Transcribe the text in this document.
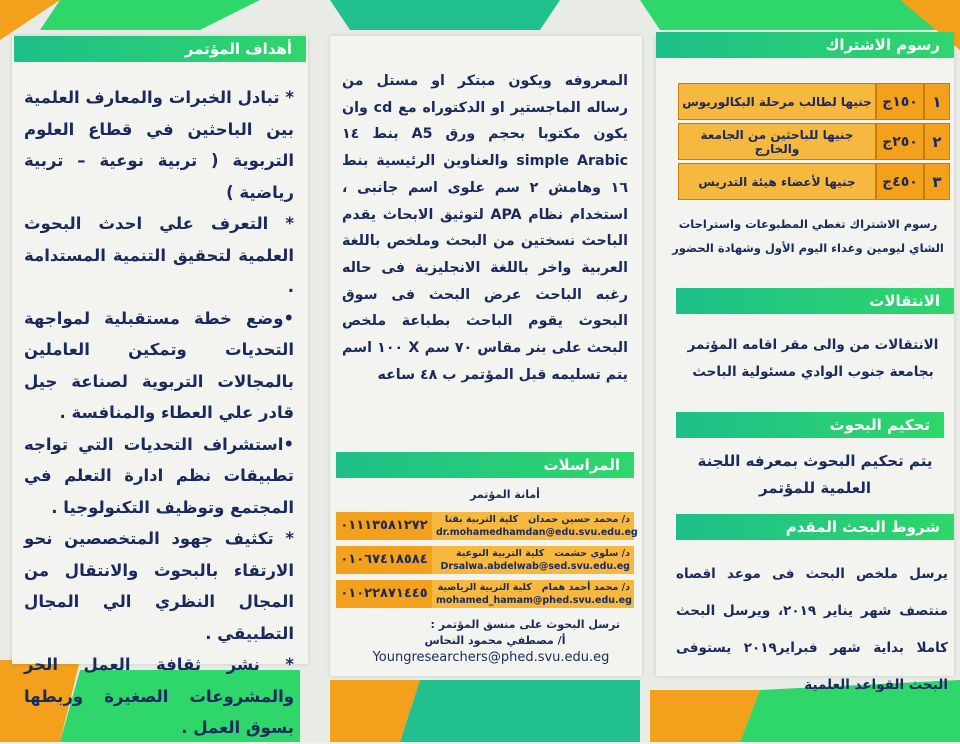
أهداف المؤتمر

* تبادل الخبرات والمعارف العلمية بين الباحثين في قطاع العلوم التربوية ( تربية نوعية – تربية رياضية )

* التعرف علي احدث البحوث العلمية لتحقيق التنمية المستدامة .

•وضع خطة مستقبلية لمواجهة التحديات وتمكين العاملين بالمجالات التربوية لصناعة جيل قادر علي العطاء والمنافسة .

•استشراف التحديات التي تواجه تطبيقات نظم ادارة التعلم في المجتمع وتوظيف التكنولوجيا .

* تكثيف جهود المتخصصين نحو الارتقاء بالبحوث والانتقال من المجال النظري الي المجال التطبيقي .

* نشر ثقافة العمل الحر والمشروعات الصغيرة وربطها بسوق العمل .

المعروفه ويكون مبتكر او مستل من رساله الماجستير او الدكتوراه مع cd وان يكون مكتوبا بحجم ورق A5 بنط ١٤ simple Arabic والعناوين الرئيسية بنط ١٦ وهامش ٢ سم علوى اسم جانبى ، استخدام نظام APA لتوثيق الابحاث يقدم الباحث نسختين من البحث وملخص باللغة العربية واخر باللغة الانجليزية فى حاله رغبه الباحث عرض البحث فى سوق البحوث يقوم الباحث بطباعة ملخص البحث على بنر مقاس ٧٠ سم X ١٠٠ اسم يتم تسليمه قبل المؤتمر ب ٤٨ ساعه
المراسلات
أمانة المؤتمر
٠١١١٣٥٨١٢٧٢	د/ محمد حسين حمدان   كلية التربية بقنا
dr.mohamedhamdan@edu.svu.edu.eg
٠١٠٦٧٤١٨٥٨٤	د/ سلوي حشمت   كلية التربية النوعية
Drsalwa.abdelwab@sed.svu.edu.eg
٠١٠٢٢٨٧١٤٤٥	د/ محمد أحمد همام   كلية التربية الرياضية
mohamed_hamam@phed.svu.edu.eg
ترسل البحوث على منسق المؤتمر :
أ/ مصطفي محمود النحاس
Youngresearchers@phed.svu.edu.eg
رسوم الاشتراك
١	١٥٠ج	جنيها لطالب مرحلة البكالوريوس
٢	٢٥٠ج	جنيها للباحثين من الجامعة والخارج
٣	٤٥٠ج	جنيها لأعضاء هيئة التدريس
رسوم الاشتراك تغطي المطبوعات واستراحات الشاي ليومين وغداء اليوم الأول وشهادة الحضور
الانتقالات
الانتقالات من والى مقر اقامه المؤتمر بجامعة جنوب الوادي مسئولية الباحث
تحكيم البحوث
يتم تحكيم البحوث بمعرفه اللجنة العلمية للمؤتمر
شروط البحث المقدم
يرسل ملخص البحث فى موعد اقصاه منتصف شهر يناير ٢٠١٩، ويرسل البحث كاملا بداية شهر فبراير٢٠١٩ يستوفى البحث القواعد العلمية
